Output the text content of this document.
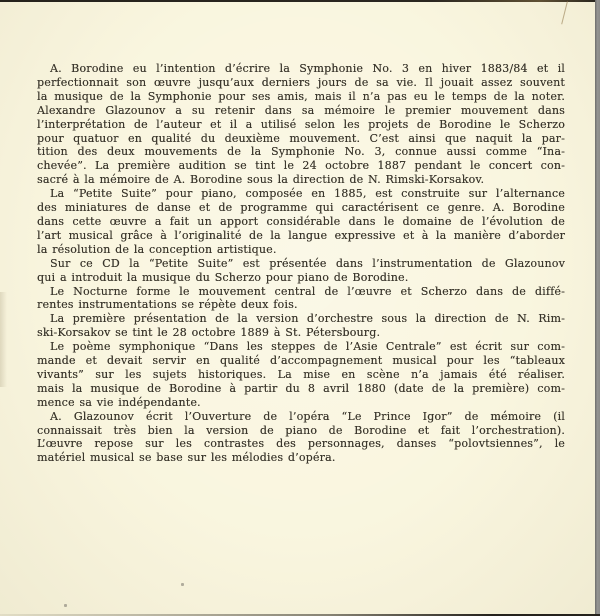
A. Borodine eu l’intention d’écrire la Symphonie No. 3 en hiver 1883/84 et il
perfectionnait son œuvre jusqu’aux derniers jours de sa vie. Il jouait assez souvent
la musique de la Symphonie pour ses amis, mais il n’a pas eu le temps de la noter.
Alexandre Glazounov a su retenir dans sa mémoire le premier mouvement dans
l’interprétation de l’auteur et il a utilisé selon les projets de Borodine le Scherzo
pour quatuor en qualité du deuxième mouvement. C’est ainsi que naquit la par-
tition des deux mouvements de la Symphonie No. 3, connue aussi comme “Ina-
chevée”. La première audition se tint le 24 octobre 1887 pendant le concert con-
sacré à la mémoire de A. Borodine sous la direction de N. Rimski-Korsakov.
La “Petite Suite” pour piano, composée en 1885, est construite sur l’alternance
des miniatures de danse et de programme qui caractérisent ce genre. A. Borodine
dans cette œuvre a fait un apport considérable dans le domaine de l’évolution de
l’art musical grâce à l’originalité de la langue expressive et à la manière d’aborder
la résolution de la conception artistique.
Sur ce CD la “Petite Suite” est présentée dans l’instrumentation de Glazounov
qui a introduit la musique du Scherzo pour piano de Borodine.
Le Nocturne forme le mouvement central de l’œuvre et Scherzo dans de diffé-
rentes instrumentations se répète deux fois.
La première présentation de la version d’orchestre sous la direction de N. Rim-
ski-Korsakov se tint le 28 octobre 1889 à St. Pétersbourg.
Le poème symphonique “Dans les steppes de l’Asie Centrale” est écrit sur com-
mande et devait servir en qualité d’accompagnement musical pour les “tableaux
vivants” sur les sujets historiques. La mise en scène n’a jamais été réaliser.
mais la musique de Borodine à partir du 8 avril 1880 (date de la première) com-
mence sa vie indépendante.
A. Glazounov écrit l’Ouverture de l’opéra “Le Prince Igor” de mémoire (il
connaissait très bien la version de piano de Borodine et fait l’orchestration).
L’œuvre repose sur les contrastes des personnages, danses “polovtsiennes”, le
matériel musical se base sur les mélodies d’opéra.
